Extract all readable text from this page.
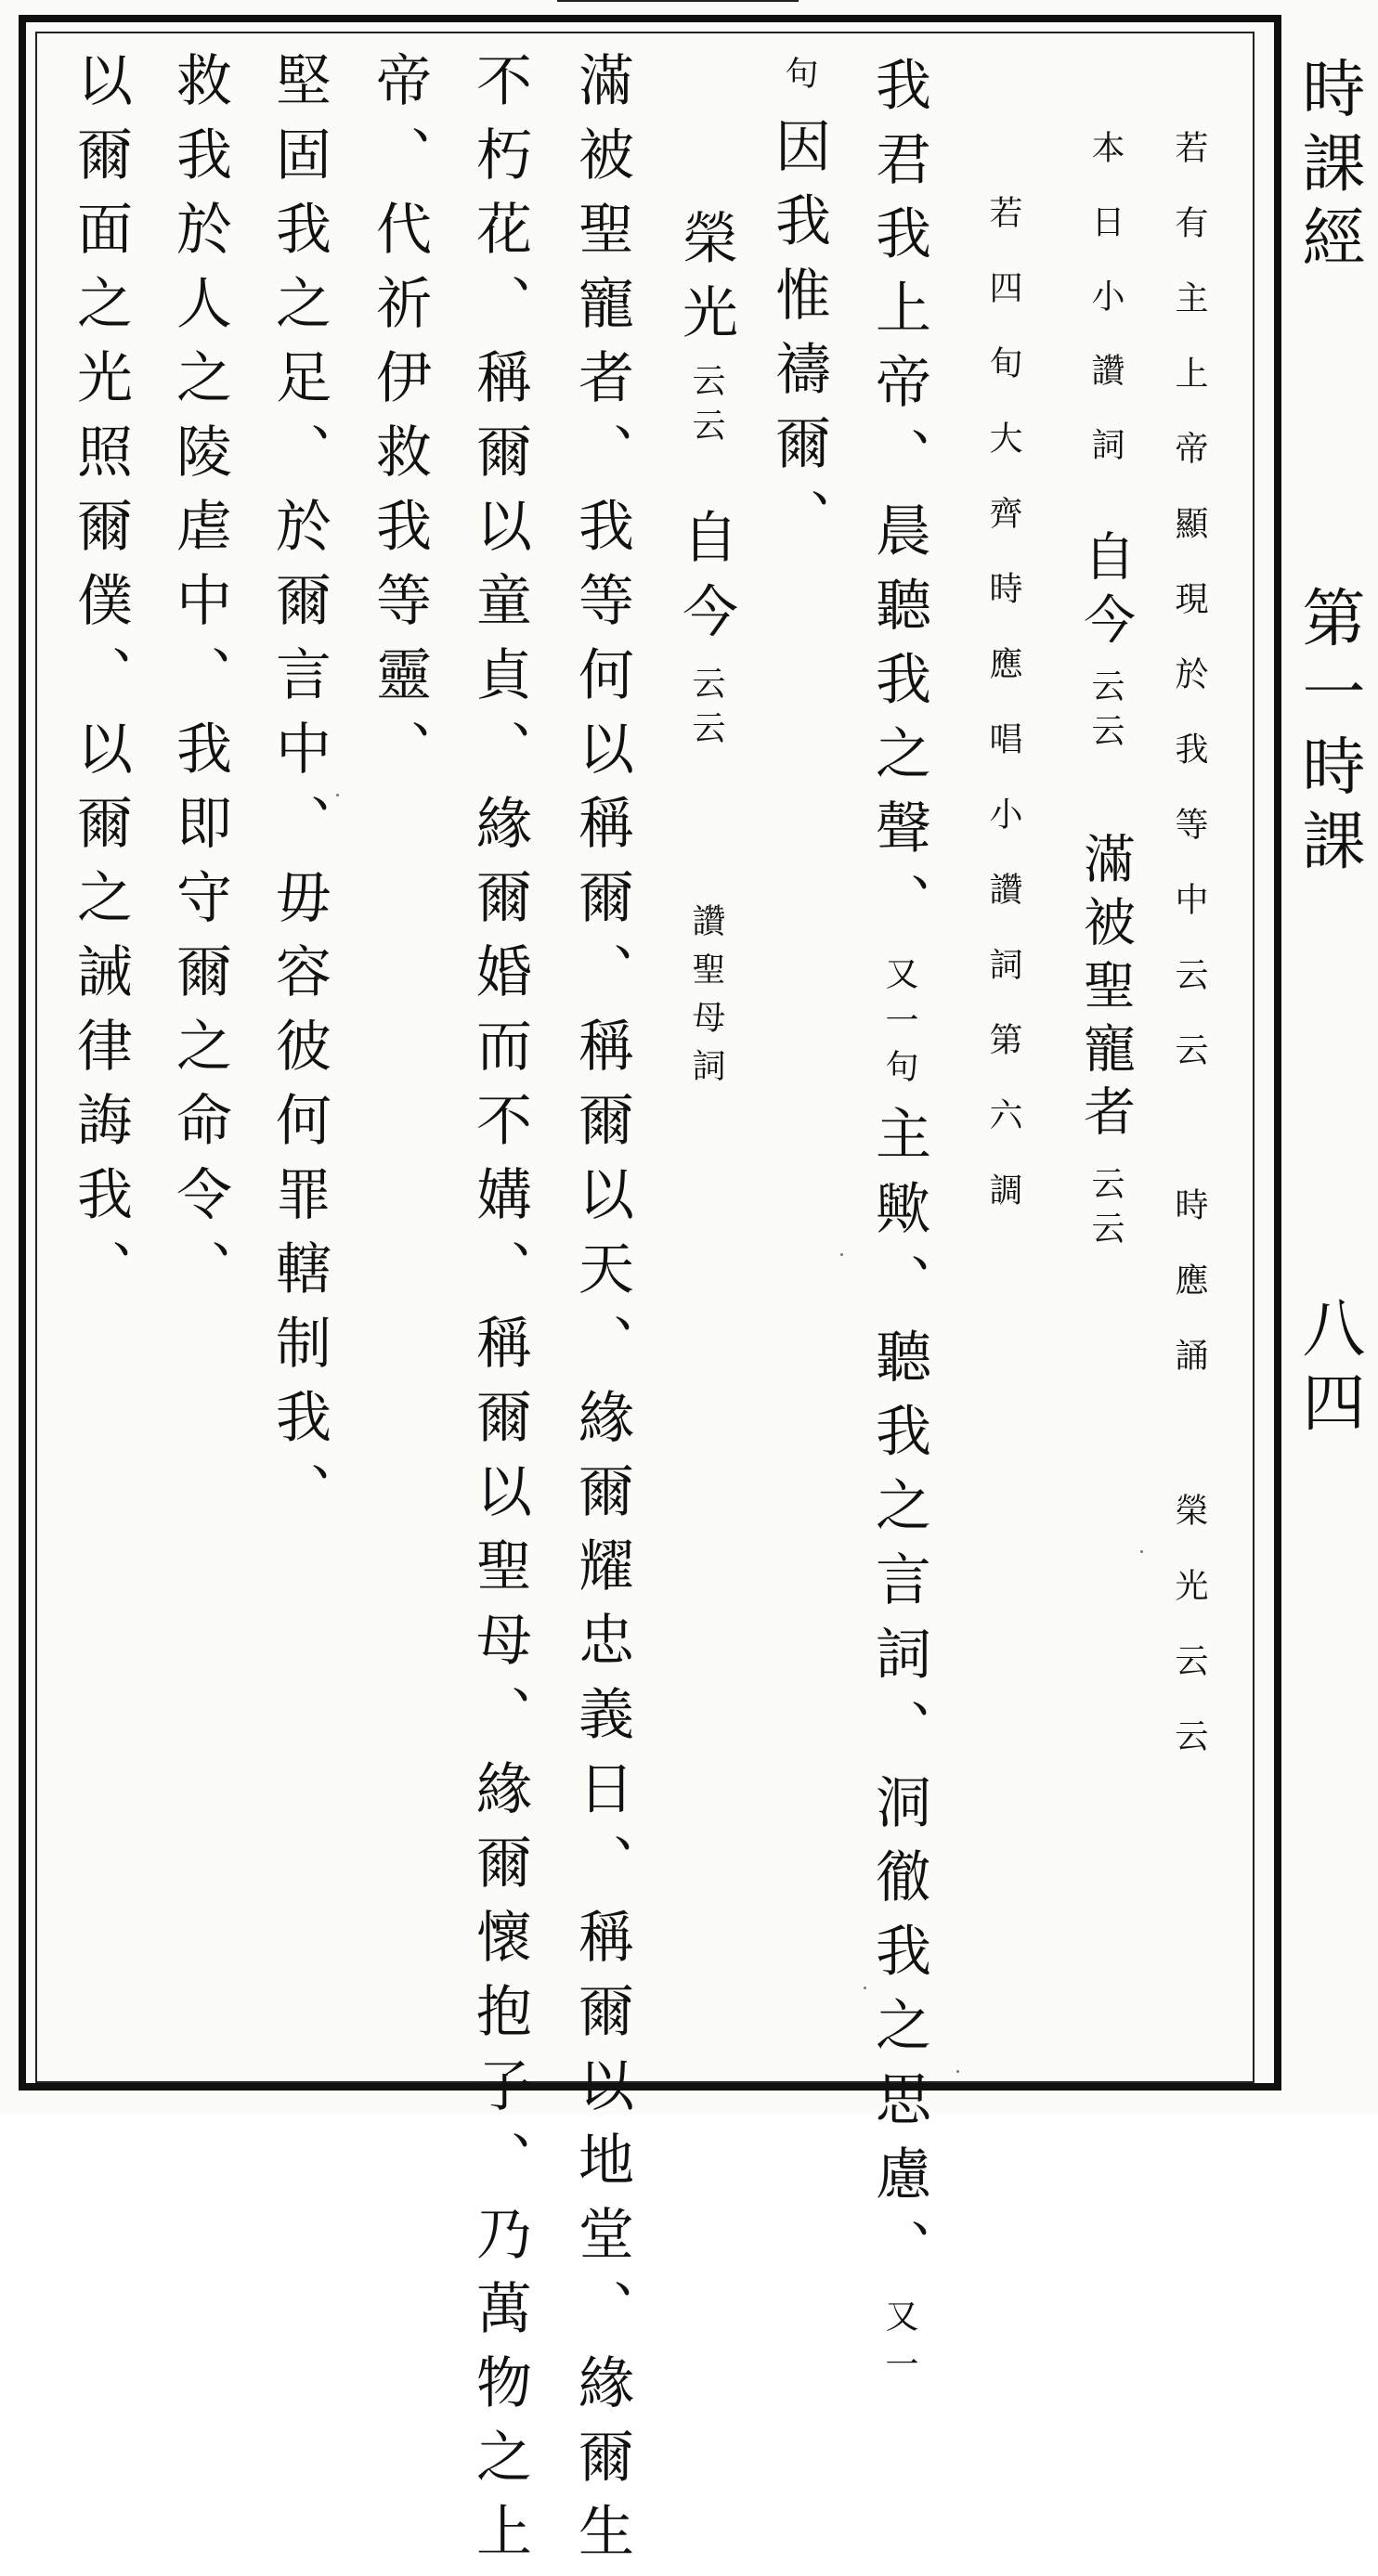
若有主上帝顯現於我等中云云 時應誦 榮光云云
本日小讚詞自今云云滿被聖寵者云云
若四旬大齊時應唱小讚詞第六調
我君我上帝、晨聽我之聲、又一句主歟、聽我之言詞、洞徹我之思慮、又一
句因我惟禱爾、
榮光云云自今云云讚聖母詞
滿被聖寵者、我等何以稱爾、稱爾以天、緣爾耀忠義日、稱爾以地堂、緣爾生
不朽花、稱爾以童貞、緣爾婚而不媾、稱爾以聖母、緣爾懷抱子、乃萬物之上
帝、代祈伊救我等靈、
堅固我之足、於爾言中、毋容彼何罪轄制我、
救我於人之陵虐中、我即守爾之命令、
以爾面之光照爾僕、以爾之誡律誨我、	時課經
第一時課
八四
